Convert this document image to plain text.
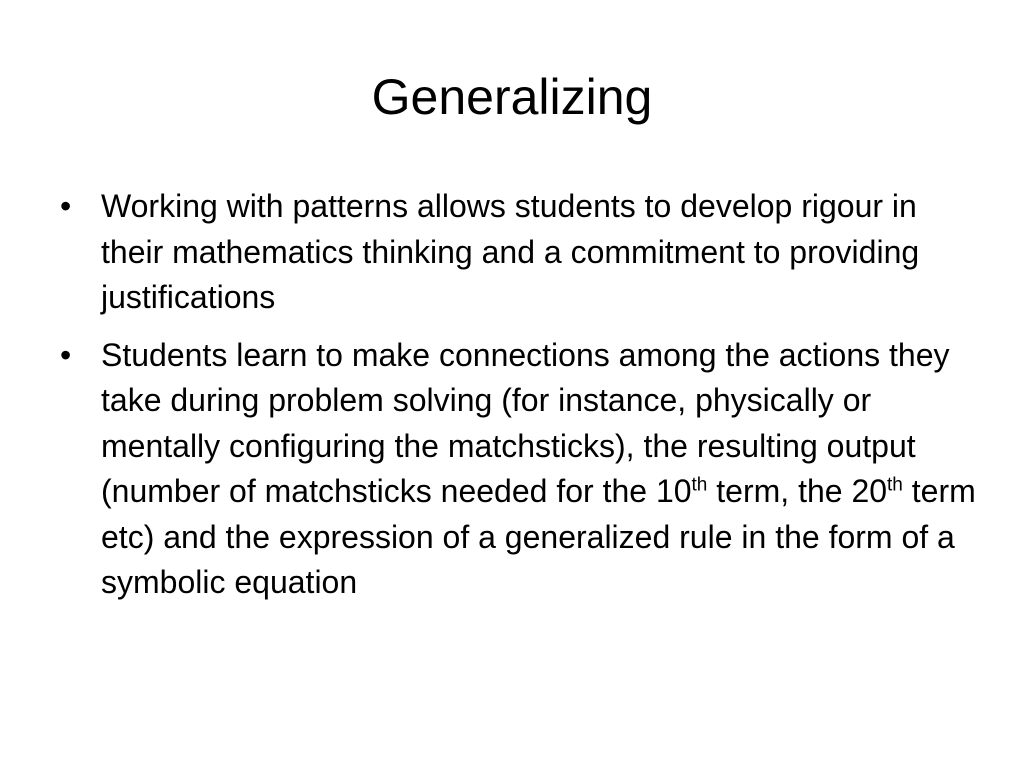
Generalizing
• Working with patterns allows students to develop rigour in their mathematics thinking and a commitment to providing justifications
• Students learn to make connections among the actions they take during problem solving (for instance, physically or mentally configuring the matchsticks), the resulting output (number of matchsticks needed for the 10th term, the 20th term etc) and the expression of a generalized rule in the form of a symbolic equation
